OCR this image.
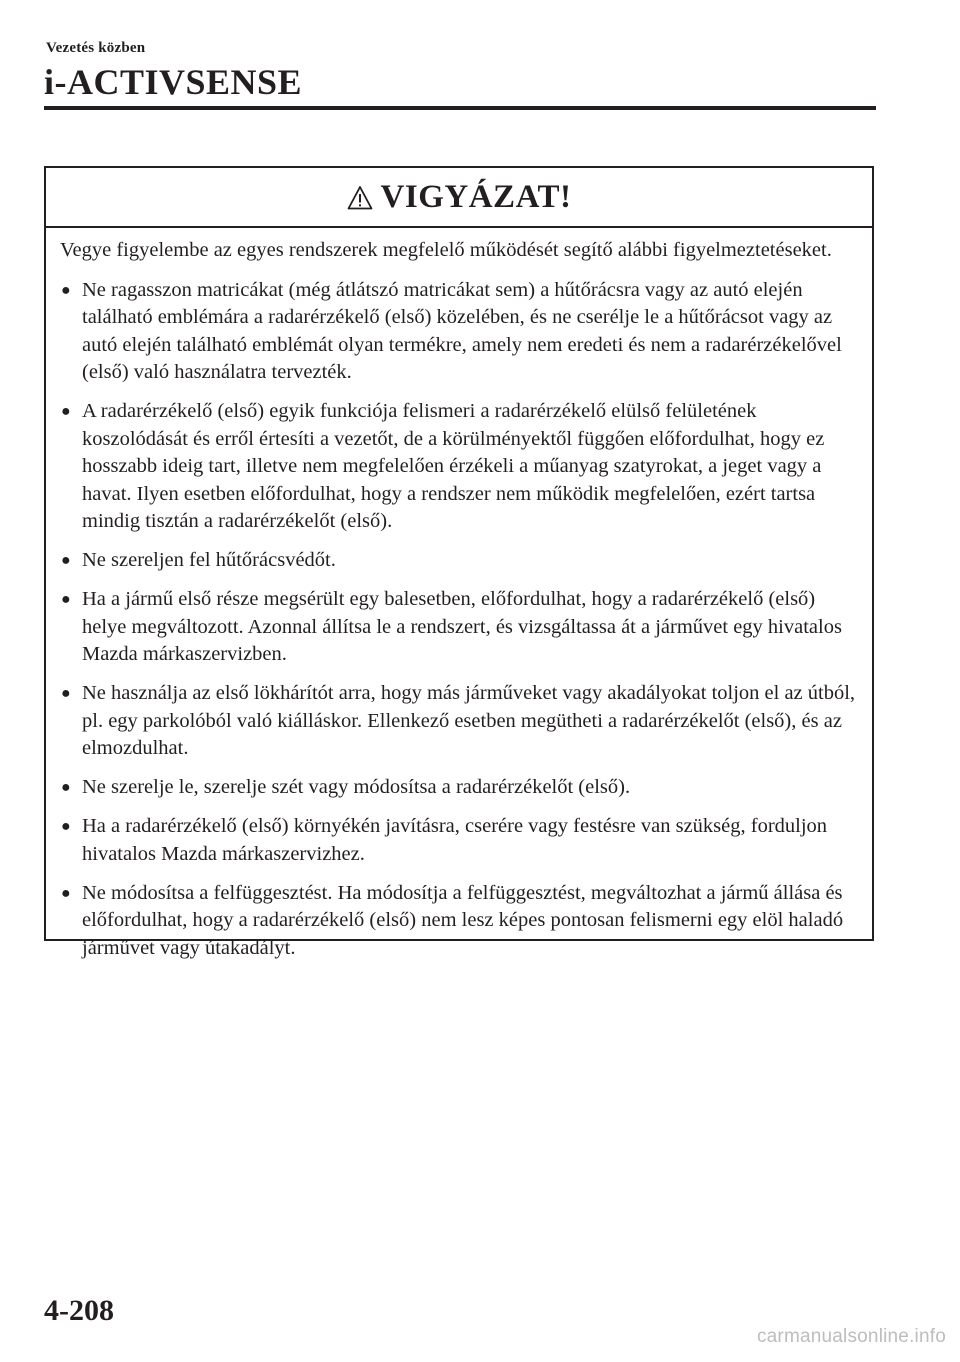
Vezetés közben
i-ACTIVSENSE
VIGYÁZAT!

Vegye figyelembe az egyes rendszerek megfelelő működését segítő alábbi figyelmeztetéseket.

● Ne ragasszon matricákat (még átlátszó matricákat sem) a hűtőrácsra vagy az autó elején található emblémára a radarérzékelő (első) közelében, és ne cserélje le a hűtőrácsot vagy az autó elején található emblémát olyan termékre, amely nem eredeti és nem a radarérzékelővel (első) való használatra tervezték.
● A radarérzékelő (első) egyik funkciója felismeri a radarérzékelő elülső felületének koszolódását és erről értesíti a vezetőt, de a körülményektől függően előfordulhat, hogy ez hosszabb ideig tart, illetve nem megfelelően érzékeli a műanyag szatyrokat, a jeget vagy a havat. Ilyen esetben előfordulhat, hogy a rendszer nem működik megfelelően, ezért tartsa mindig tisztán a radarérzékelőt (első).
● Ne szereljen fel hűtőrácsvédőt.
● Ha a jármű első része megsérült egy balesetben, előfordulhat, hogy a radarérzékelő (első) helye megváltozott. Azonnal állítsa le a rendszert, és vizsgáltassa át a járművet egy hivatalos Mazda márkaszervizben.
● Ne használja az első lökhárítót arra, hogy más járműveket vagy akadályokat toljon el az útból, pl. egy parkolóból való kiálláskor. Ellenkező esetben megütheti a radarérzékelőt (első), és az elmozdulhat.
● Ne szerelje le, szerelje szét vagy módosítsa a radarérzékelőt (első).
● Ha a radarérzékelő (első) környékén javításra, cserére vagy festésre van szükség, forduljon hivatalos Mazda márkaszervizhez.
● Ne módosítsa a felfüggesztést. Ha módosítja a felfüggesztést, megváltozhat a jármű állása és előfordulhat, hogy a radarérzékelő (első) nem lesz képes pontosan felismerni egy elöl haladó járművet vagy útakadályt.
4-208
carmanualsonline.info
